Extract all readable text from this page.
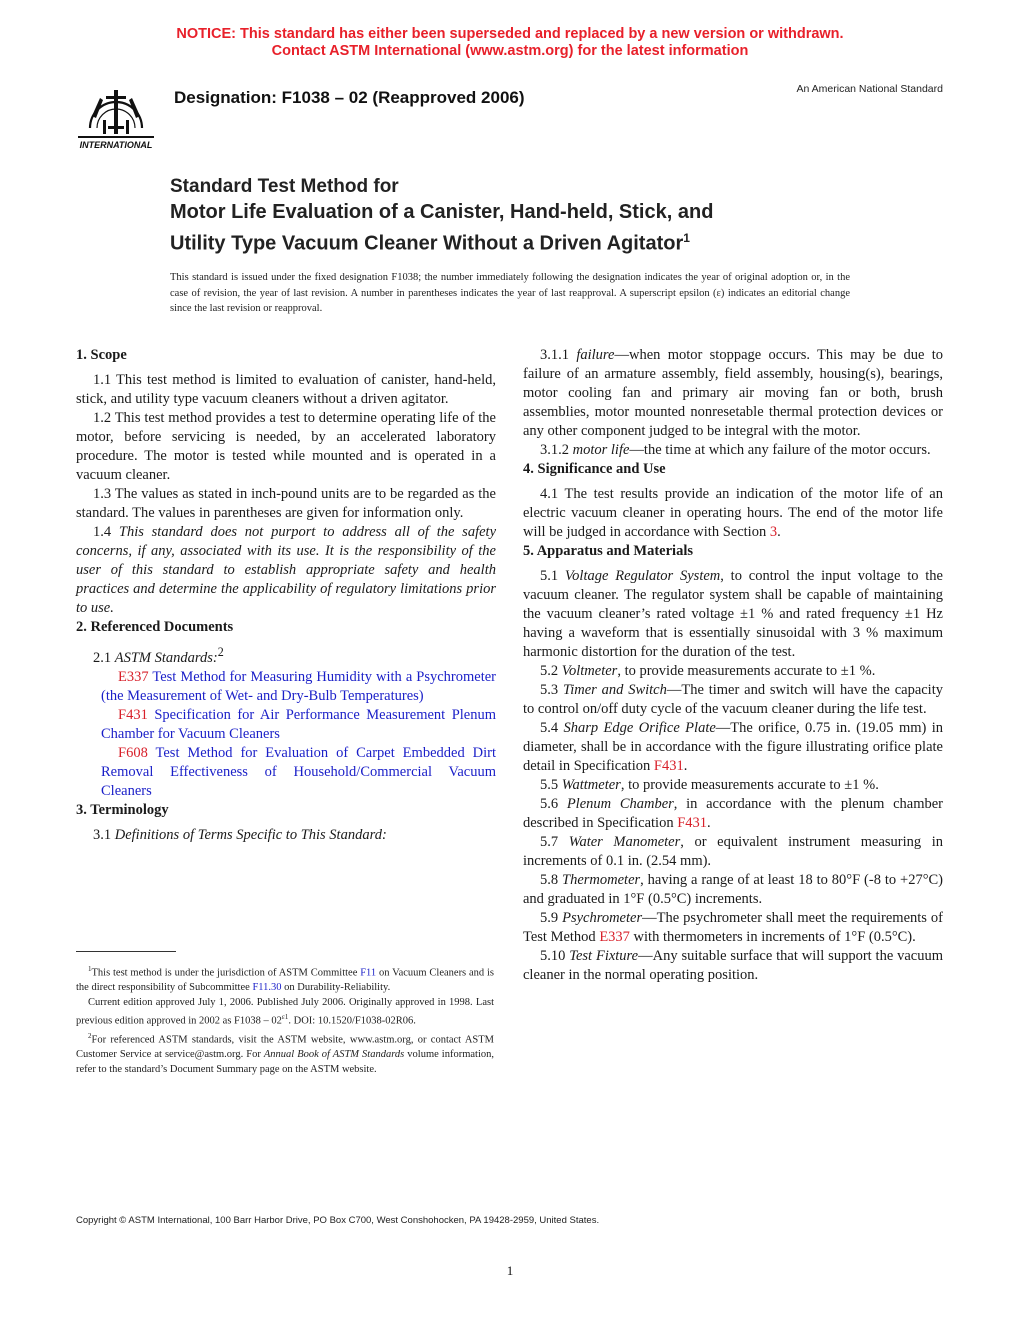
NOTICE: This standard has either been superseded and replaced by a new version or withdrawn.
Contact ASTM International (www.astm.org) for the latest information
INTERNATIONAL
Designation: F1038 – 02 (Reapproved 2006)	An American National Standard
Standard Test Method for
Motor Life Evaluation of a Canister, Hand-held, Stick, and
Utility Type Vacuum Cleaner Without a Driven Agitator$^1$
This standard is issued under the fixed designation F1038; the number immediately following the designation indicates the year of original adoption or, in the case of revision, the year of last revision. A number in parentheses indicates the year of last reapproval. A superscript epsilon (ε) indicates an editorial change since the last revision or reapproval.
1. Scope

1.1 This test method is limited to evaluation of canister, hand-held, stick, and utility type vacuum cleaners without a driven agitator.

1.2 This test method provides a test to determine operating life of the motor, before servicing is needed, by an accelerated laboratory procedure. The motor is tested while mounted and is operated in a vacuum cleaner.

1.3 The values as stated in inch-pound units are to be regarded as the standard. The values in parentheses are given for information only.

1.4 This standard does not purport to address all of the safety concerns, if any, associated with its use. It is the responsibility of the user of this standard to establish appropriate safety and health practices and determine the applicability of regulatory limitations prior to use.

2. Referenced Documents

2.1 ASTM Standards:$^2$

E337 Test Method for Measuring Humidity with a Psychrometer (the Measurement of Wet- and Dry-Bulb Temperatures)

F431 Specification for Air Performance Measurement Plenum Chamber for Vacuum Cleaners

F608 Test Method for Evaluation of Carpet Embedded Dirt Removal Effectiveness of Household/Commercial Vacuum Cleaners

3. Terminology

3.1 Definitions of Terms Specific to This Standard:

3.1.1 failure—when motor stoppage occurs. This may be due to failure of an armature assembly, field assembly, housing(s), bearings, motor cooling fan and primary air moving fan or both, brush assemblies, motor mounted nonresetable thermal protection devices or any other component judged to be integral with the motor.

3.1.2 motor life—the time at which any failure of the motor occurs.

4. Significance and Use

4.1 The test results provide an indication of the motor life of an electric vacuum cleaner in operating hours. The end of the motor life will be judged in accordance with Section 3.

5. Apparatus and Materials

5.1 Voltage Regulator System, to control the input voltage to the vacuum cleaner. The regulator system shall be capable of maintaining the vacuum cleaner’s rated voltage ±1 % and rated frequency ±1 Hz having a waveform that is essentially sinusoidal with 3 % maximum harmonic distortion for the duration of the test.

5.2 Voltmeter, to provide measurements accurate to ±1 %.

5.3 Timer and Switch—The timer and switch will have the capacity to control on/off duty cycle of the vacuum cleaner during the life test.

5.4 Sharp Edge Orifice Plate—The orifice, 0.75 in. (19.05 mm) in diameter, shall be in accordance with the figure illustrating orifice plate detail in Specification F431.

5.5 Wattmeter, to provide measurements accurate to ±1 %.

5.6 Plenum Chamber, in accordance with the plenum chamber described in Specification F431.

5.7 Water Manometer, or equivalent instrument measuring in increments of 0.1 in. (2.54 mm).

5.8 Thermometer, having a range of at least 18 to 80°F (-8 to +27°C) and graduated in 1°F (0.5°C) increments.

5.9 Psychrometer—The psychrometer shall meet the requirements of Test Method E337 with thermometers in increments of 1°F (0.5°C).

5.10 Test Fixture—Any suitable surface that will support the vacuum cleaner in the normal operating position.

$^1$This test method is under the jurisdiction of ASTM Committee F11 on Vacuum Cleaners and is the direct responsibility of Subcommittee F11.30 on Durability-Reliability.

Current edition approved July 1, 2006. Published July 2006. Originally approved in 1998. Last previous edition approved in 2002 as $F1038 - 02^{\varepsilon 1}$. DOI: 10.1520/F1038-02R06.

$^2$For referenced ASTM standards, visit the ASTM website, www.astm.org, or contact ASTM Customer Service at service@astm.org. For Annual Book of ASTM Standards volume information, refer to the standard’s Document Summary page on the ASTM website.

Copyright © ASTM International, 100 Barr Harbor Drive, PO Box C700, West Conshohocken, PA 19428-2959, United States.
1
